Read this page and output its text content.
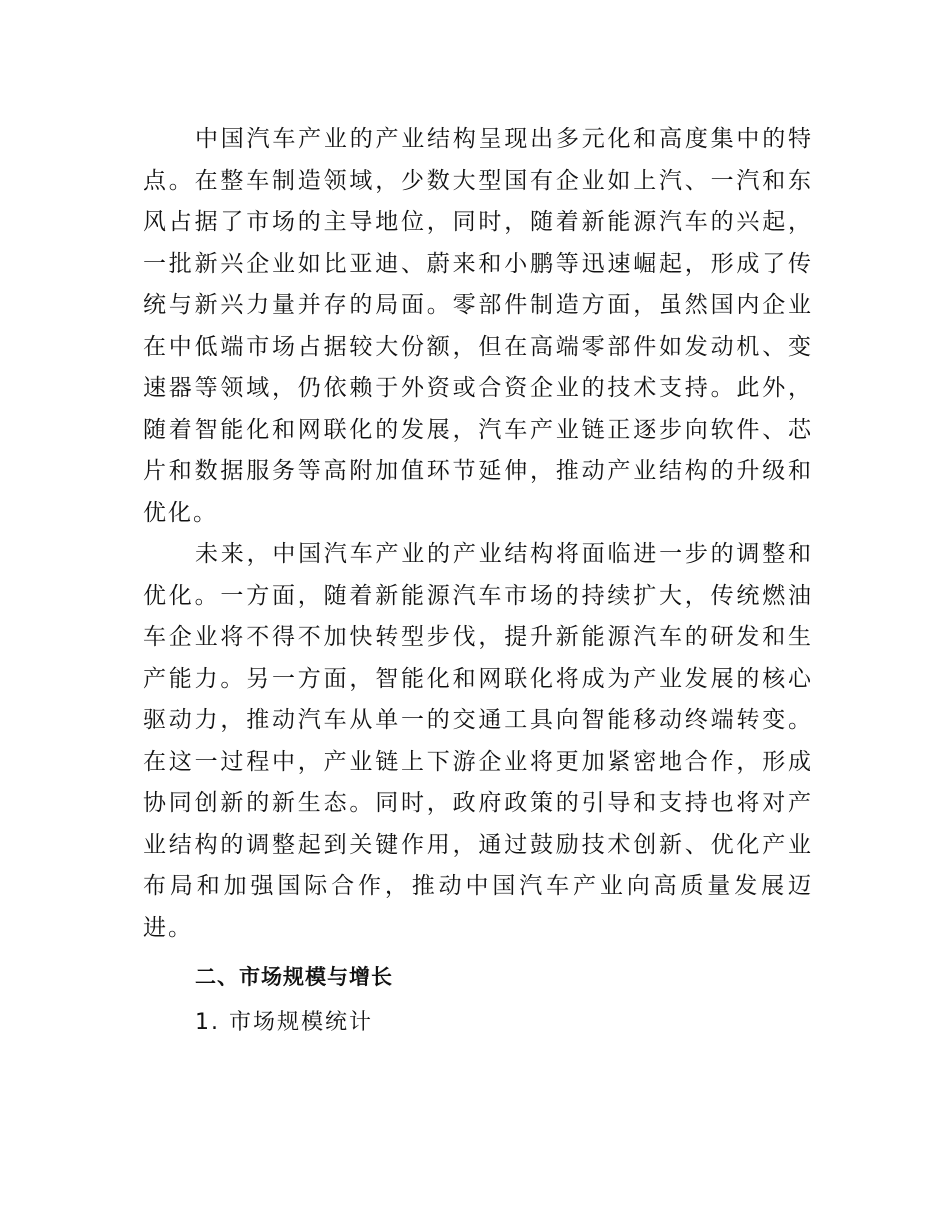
中国汽车产业的产业结构呈现出多元化和高度集中的特点。在整车制造领域，少数大型国有企业如上汽、一汽和东风占据了市场的主导地位，同时，随着新能源汽车的兴起，一批新兴企业如比亚迪、蔚来和小鹏等迅速崛起，形成了传统与新兴力量并存的局面。零部件制造方面，虽然国内企业在中低端市场占据较大份额，但在高端零部件如发动机、变速器等领域，仍依赖于外资或合资企业的技术支持。此外，随着智能化和网联化的发展，汽车产业链正逐步向软件、芯片和数据服务等高附加值环节延伸，推动产业结构的升级和优化。

未来，中国汽车产业的产业结构将面临进一步的调整和优化。一方面，随着新能源汽车市场的持续扩大，传统燃油车企业将不得不加快转型步伐，提升新能源汽车的研发和生产能力。另一方面，智能化和网联化将成为产业发展的核心驱动力，推动汽车从单一的交通工具向智能移动终端转变。在这一过程中，产业链上下游企业将更加紧密地合作，形成协同创新的新生态。同时，政府政策的引导和支持也将对产业结构的调整起到关键作用，通过鼓励技术创新、优化产业布局和加强国际合作，推动中国汽车产业向高质量发展迈进。

二、市场规模与增长

1. 市场规模统计
